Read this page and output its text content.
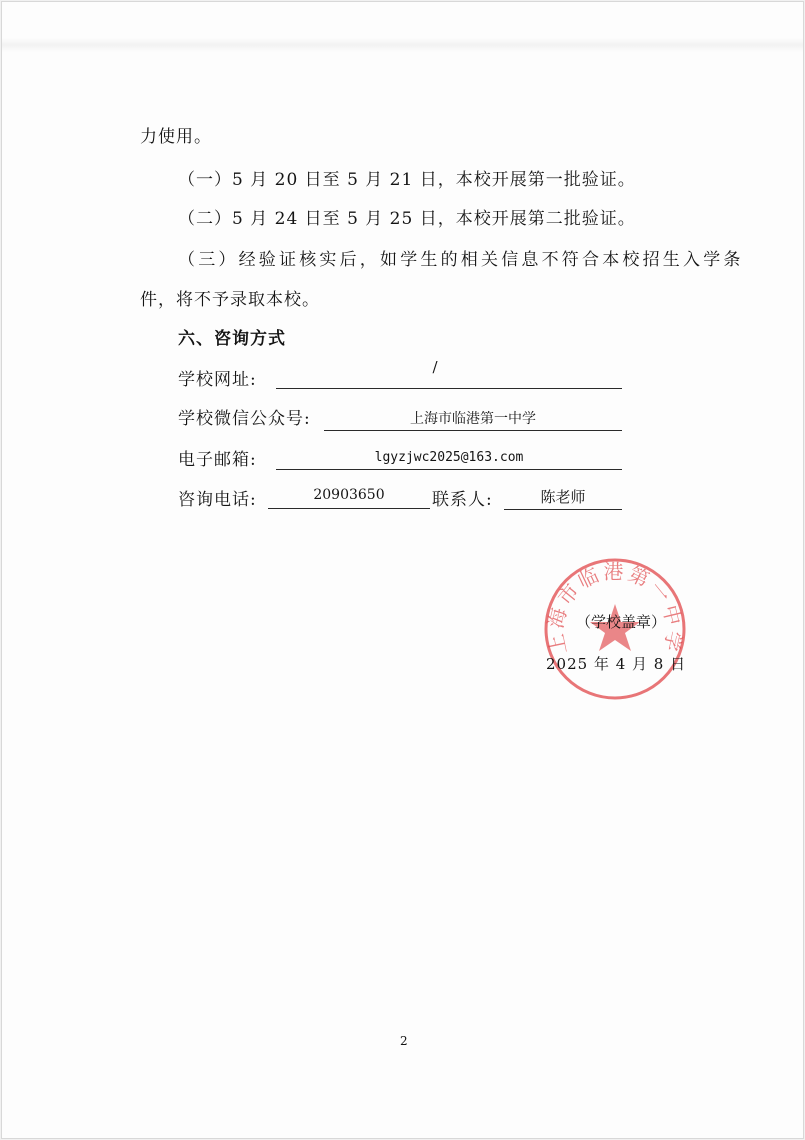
力使用。
（一）5 月 20 日至 5 月 21 日，本校开展第一批验证。
（二）5 月 24 日至 5 月 25 日，本校开展第二批验证。
（三）经验证核实后，如学生的相关信息不符合本校招生入学条
件，将不予录取本校。
六、咨询方式
学校网址:
/
学校微信公众号:	上海市临港第一中学
电子邮箱:	lgyzjwc2025@163.com
咨询电话:	20903650	联系人:	陈老师
上海市临港第一中学
（学校盖章）
2025 年 4 月 8 日
2
